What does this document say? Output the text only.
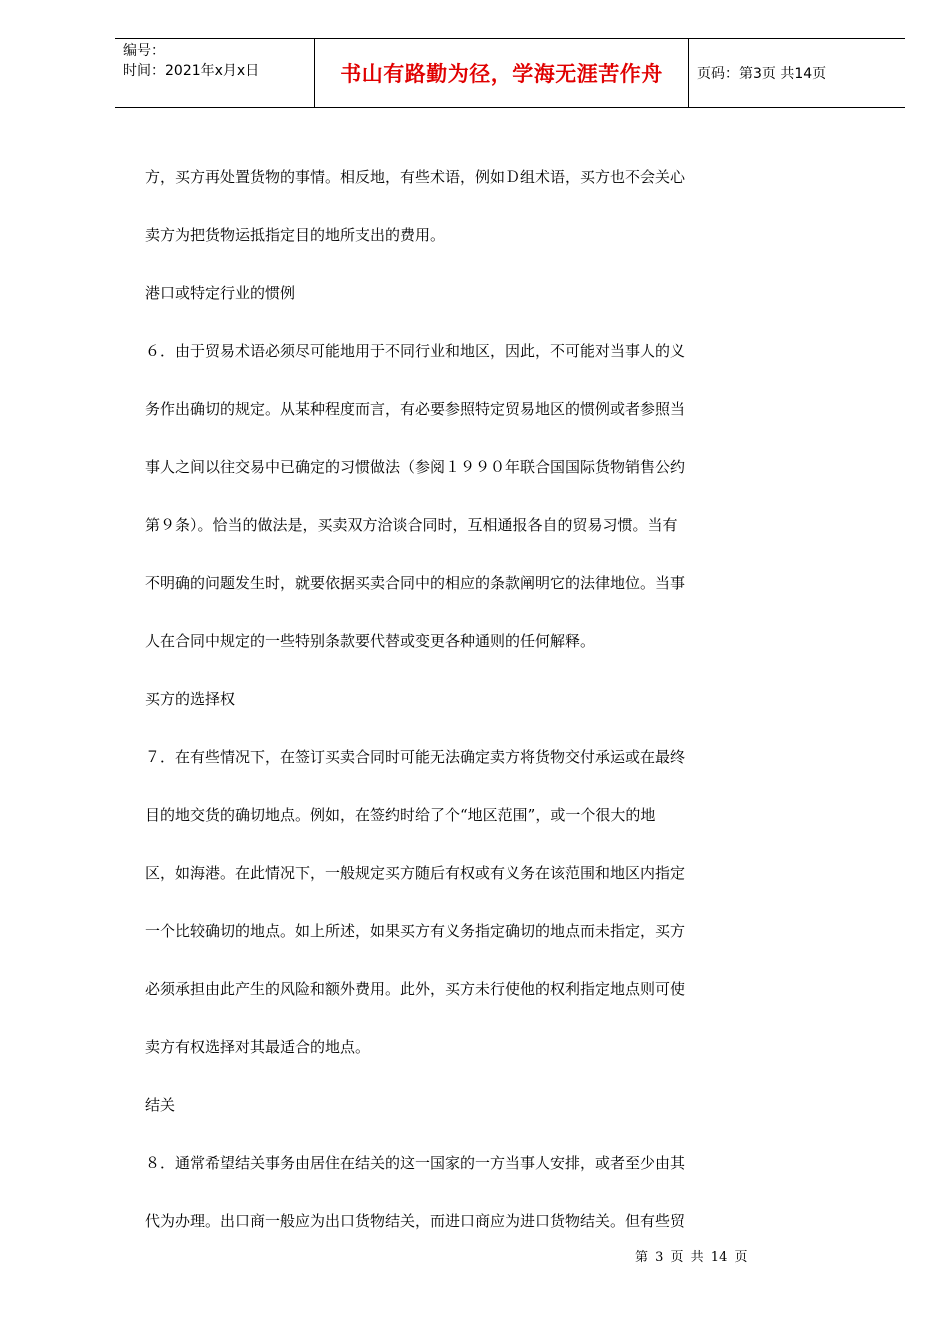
编号：
时间：2021年x月x日	书山有路勤为径，学海无涯苦作舟	页码：第3页 共14页

方，买方再处置货物的事情。相反地，有些术语，例如Ｄ组术语，买方也不会关心

卖方为把货物运抵指定目的地所支出的费用。

港口或特定行业的惯例

６．由于贸易术语必须尽可能地用于不同行业和地区，因此，不可能对当事人的义

务作出确切的规定。从某种程度而言，有必要参照特定贸易地区的惯例或者参照当

事人之间以往交易中已确定的习惯做法（参阅１９９０年联合国国际货物销售公约

第９条）。恰当的做法是，买卖双方洽谈合同时，互相通报各自的贸易习惯。当有

不明确的问题发生时，就要依据买卖合同中的相应的条款阐明它的法律地位。当事

人在合同中规定的一些特别条款要代替或变更各种通则的任何解释。

买方的选择权

７．在有些情况下，在签订买卖合同时可能无法确定卖方将货物交付承运或在最终

目的地交货的确切地点。例如，在签约时给了个“地区范围”，或一个很大的地

区，如海港。在此情况下，一般规定买方随后有权或有义务在该范围和地区内指定

一个比较确切的地点。如上所述，如果买方有义务指定确切的地点而未指定，买方

必须承担由此产生的风险和额外费用。此外，买方未行使他的权利指定地点则可使

卖方有权选择对其最适合的地点。

结关

８．通常希望结关事务由居住在结关的这一国家的一方当事人安排，或者至少由其

代为办理。出口商一般应为出口货物结关，而进口商应为进口货物结关。但有些贸

第 3 页 共 14 页
